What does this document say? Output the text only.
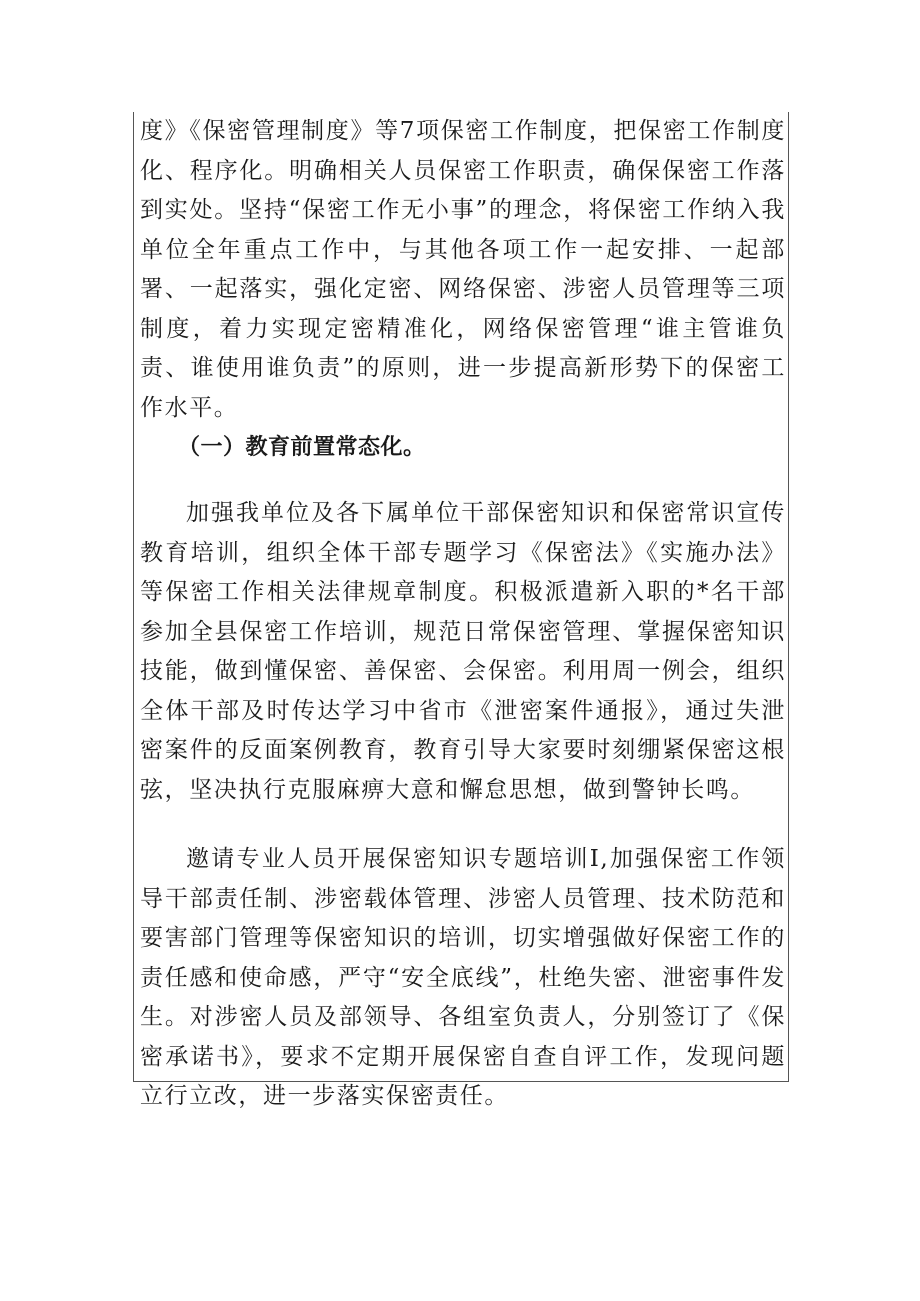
度》《保密管理制度》等7项保密工作制度，把保密工作制度化、程序化。明确相关人员保密工作职责，确保保密工作落到实处。坚持“保密工作无小事”的理念，将保密工作纳入我单位全年重点工作中，与其他各项工作一起安排、一起部署、一起落实，强化定密、网络保密、涉密人员管理等三项制度，着力实现定密精准化，网络保密管理“谁主管谁负责、谁使用谁负责”的原则，进一步提高新形势下的保密工作水平。

（一）教育前置常态化。

加强我单位及各下属单位干部保密知识和保密常识宣传教育培训，组织全体干部专题学习《保密法》《实施办法》等保密工作相关法律规章制度。积极派遣新入职的*名干部参加全县保密工作培训，规范日常保密管理、掌握保密知识技能，做到懂保密、善保密、会保密。利用周一例会，组织全体干部及时传达学习中省市《泄密案件通报》，通过失泄密案件的反面案例教育，教育引导大家要时刻绷紧保密这根弦，坚决执行克服麻痹大意和懈怠思想，做到警钟长鸣。

邀请专业人员开展保密知识专题培训I,加强保密工作领导干部责任制、涉密载体管理、涉密人员管理、技术防范和要害部门管理等保密知识的培训，切实增强做好保密工作的责任感和使命感，严守“安全底线”，杜绝失密、泄密事件发生。对涉密人员及部领导、各组室负责人，分别签订了《保密承诺书》，要求不定期开展保密自查自评工作，发现问题立行立改，进一步落实保密责任。
